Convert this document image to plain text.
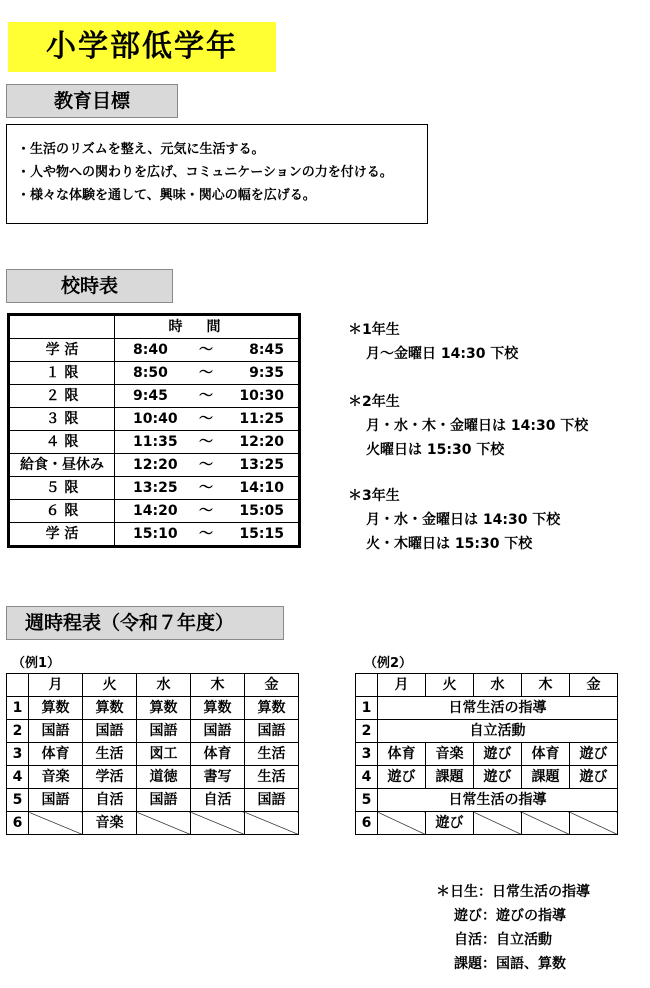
小学部低学年
教育目標
・生活のリズムを整え、元気に生活する。
・人や物への関わりを広げ、コミュニケーションの力を付ける。
・様々な体験を通して、興味・関心の幅を広げる。
校時表
	時間
学 活	8:40 ～ 8:45

１ 限	8:50 ～ 9:35

２ 限	9:45 ～ 10:30

３ 限	10:40 ～ 11:25

４ 限	11:35 ～ 12:20

給食・昼休み	12:20 ～ 13:25

５ 限	13:25 ～ 14:10

６ 限	14:20 ～ 15:05

学 活	15:10 ～ 15:15
＊1年生
月～金曜日 14:30 下校
＊2年生
月・水・木・金曜日は 14:30 下校
火曜日は 15:30 下校
＊3年生
月・水・金曜日は 14:30 下校
火・木曜日は 15:30 下校
週時程表（令和７年度）
（例1）
	月	火	水	木	金
1	算数	算数	算数	算数	算数
2	国語	国語	国語	国語	国語
3	体育	生活	図工	体育	生活
4	音楽	学活	道徳	書写	生活
5	国語	自活	国語	自活	国語
6		音楽			
（例2）
	月	火	水	木	金
1	日常生活の指導				
2	自立活動				
3	体育	音楽	遊び	体育	遊び
4	遊び	課題	遊び	課題	遊び
5	日常生活の指導				
6		遊び			
＊日生：日常生活の指導
遊び：遊びの指導
自活：自立活動
課題：国語、算数
